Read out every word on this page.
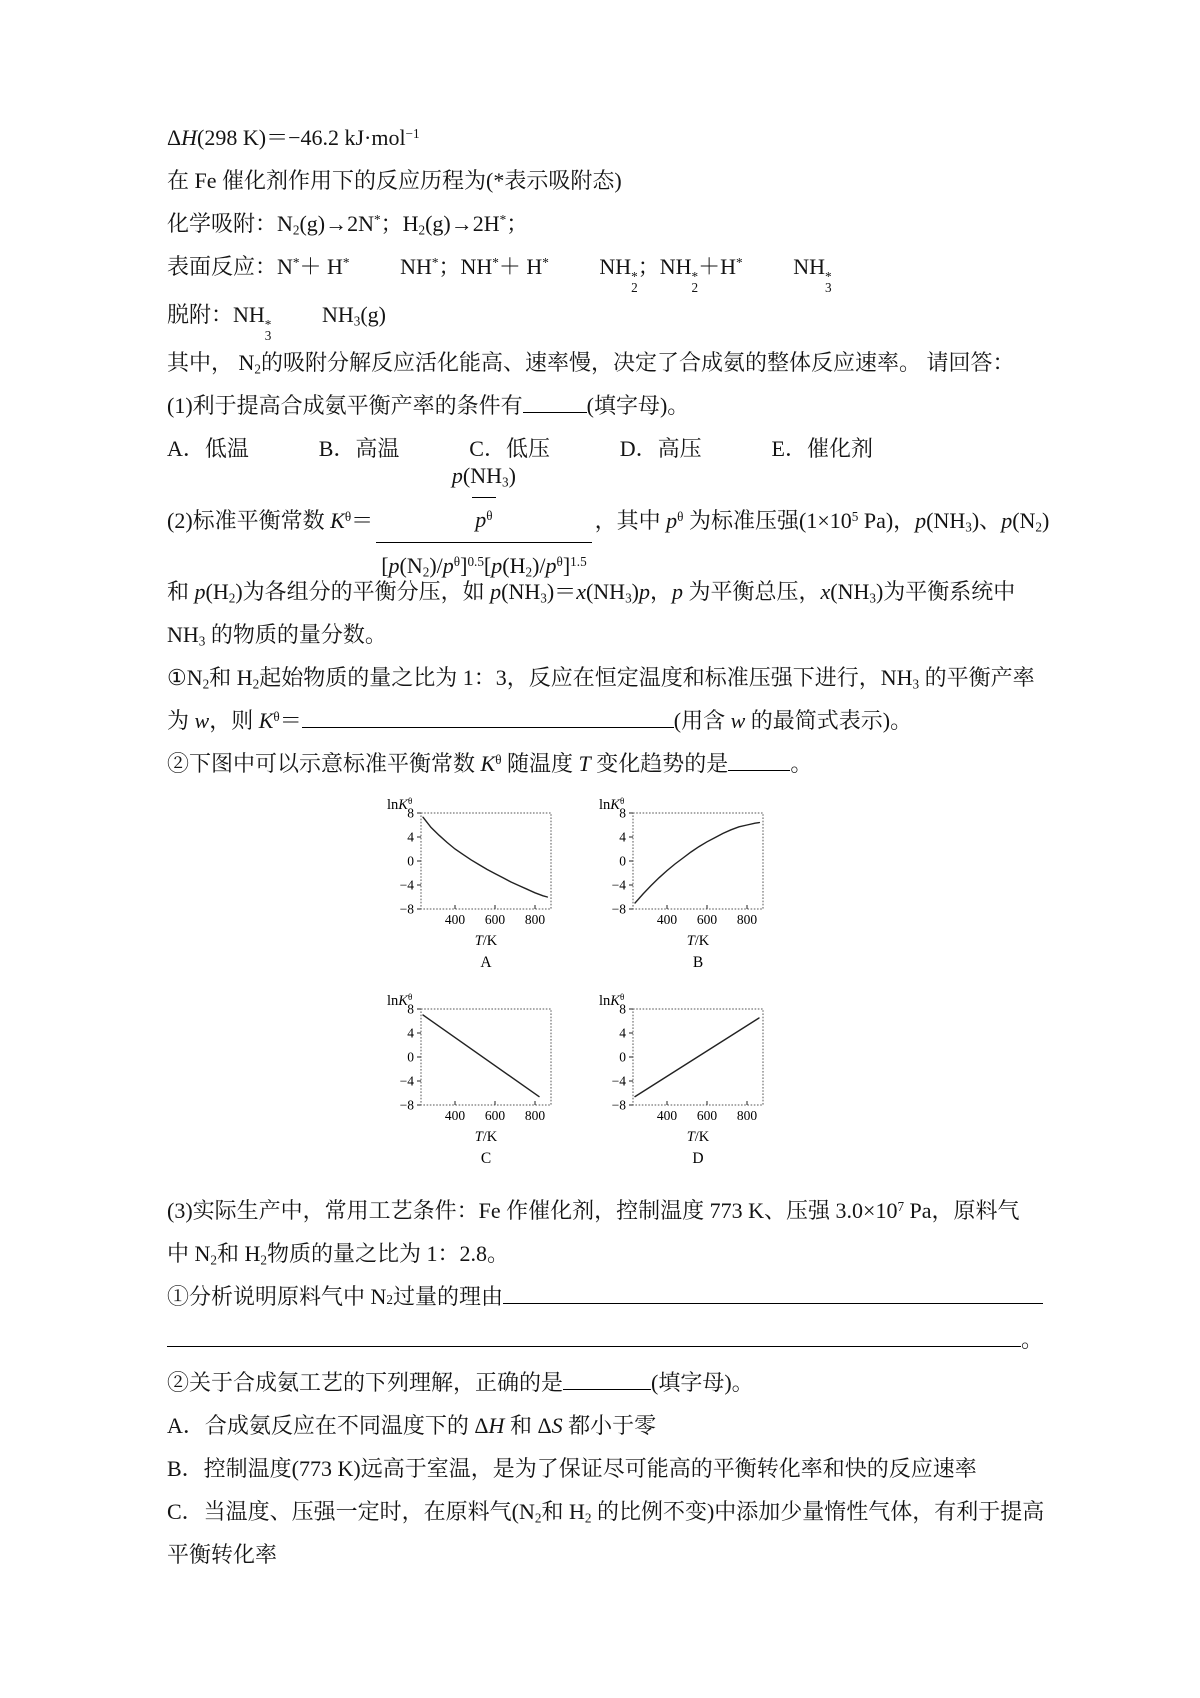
ΔH(298 K)＝−46.2 kJ·mol$^{-1}$

在 Fe 催化剂作用下的反应历程为(*表示吸附态)

化学吸附：$N_2(g)\to 2N^*$；$H_2(g)\to 2H^*$；

表面反应：N*＋ H* NH*；NH*＋ H* NH *
2
；NH *
2
＋H* NH *
3

脱附：NH *
3
$NH_3(g)$

其中， $N_2$的吸附分解反应活化能高、速率慢，决定了合成氨的整体反应速率。 请回答：

(1)利于提高合成氨平衡产率的条件有	(填字母)。

A．低温	B．高温	C．低压	D．高压	E．催化剂

(2)标准平衡常数 $K^\theta= \frac{\frac{p(NH_3)}{p^\theta}}{[p(N_2)/p^\theta]^{0.5}[p(H_2)/p^\theta]^{1.5}}$ ，其中 $p^\theta$ 为标准压强($1\times 10^5$ Pa)，$p(NH_3)$、$p(N_2)$

和 $p(H_2)$为各组分的平衡分压，如 $p(NH_3)=x(NH_3)p$，p 为平衡总压，$x(NH_3)$为平衡系统中

$NH_3$ 的物质的量分数。

$①N_2$和 $H_2$起始物质的量之比为 1：3，反应在恒定温度和标准压强下进行，$NH_3$ 的平衡产率

为 w，则 $K^\theta=$	(用含 w 的最简式表示)。

②下图中可以示意标准平衡常数 $K^\theta$ 随温度 T 变化趋势的是	。

lnK$^\theta$
8
4
0
−4
−8
400 600 800
T/K
A
lnK$^\theta$
8
4
0
−4
−8
400 600 800
T/K
B
lnK$^\theta$
8
4
0
−4
−8
400 600 800
T/K
C
lnK$^\theta$
8
4
0
−4
−8
400 600 800
T/K
D

(3)实际生产中，常用工艺条件：Fe 作催化剂，控制温度 773 K、压强 $3.0\times 10^7$ Pa，原料气

中 $N_2$和 $H_2$物质的量之比为 1：2.8。

①分析说明原料气中 N 2 过量的理由

。

②关于合成氨工艺的下列理解，正确的是	(填字母)。

A．合成氨反应在不同温度下的 ΔH 和 ΔS 都小于零

B．控制温度(773 K)远高于室温，是为了保证尽可能高的平衡转化率和快的反应速率

C．当温度、压强一定时，在原料气($N_2$和 $H_2$ 的比例不变)中添加少量惰性气体，有利于提高

平衡转化率
